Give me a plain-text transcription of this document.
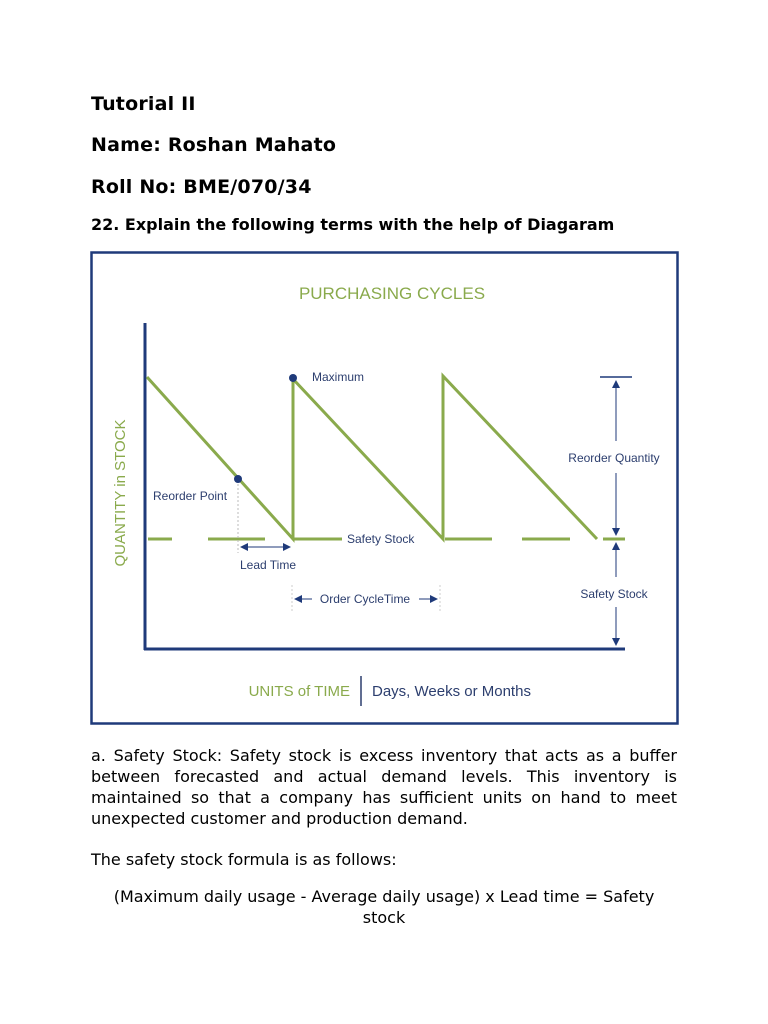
Tutorial II
Name: Roshan Mahato
Roll No: BME/070/34
22. Explain the following terms with the help of Diagaram
PURCHASING CYCLES
QUANTITY in STOCK
Maximum
Reorder Point
Lead Time
Safety Stock
Order CycleTime
Reorder Quantity
Safety Stock
UNITS of TIME Days, Weeks or Months

a. Safety Stock: Safety stock is excess inventory that acts as a buffer between forecasted and actual demand levels. This inventory is maintained so that a company has sufficient units on hand to meet unexpected customer and production demand.

The safety stock formula is as follows:

(Maximum daily usage - Average daily usage) x Lead time = Safety stock
